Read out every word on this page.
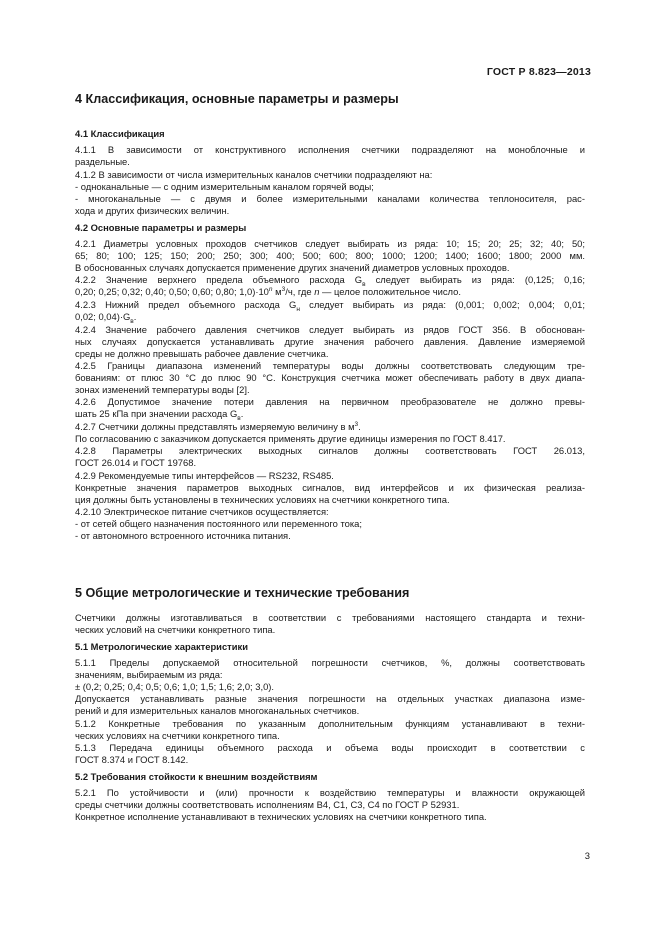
ГОСТ Р 8.823—2013
4 Классификация, основные параметры и размеры
4.1 Классификация
4.1.1 В зависимости от конструктивного исполнения счетчики подразделяют на моноблочные и
раздельные.
4.1.2 В зависимости от числа измерительных каналов счетчики подразделяют на:
- одноканальные — с одним измерительным каналом горячей воды;
- многоканальные — с двумя и более измерительными каналами количества теплоносителя, рас-
хода и других физических величин.
4.2 Основные параметры и размеры
4.2.1 Диаметры условных проходов счетчиков следует выбирать из ряда: 10; 15; 20; 25; 32; 40; 50;
65; 80; 100; 125; 150; 200; 250; 300; 400; 500; 600; 800; 1000; 1200; 1400; 1600; 1800; 2000 мм.
В обоснованных случаях допускается применение других значений диаметров условных проходов.
4.2.2 Значение верхнего предела объемного расхода $G_в$ следует выбирать из ряда: (0,125; 0,16;
0,20; 0,25; 0,32; 0,40; 0,50; 0,60; 0,80; $1,0)\cdot 10^n$ $м^3/ч$, где n — целое положительное число.
4.2.3 Нижний предел объемного расхода $G_н$ следует выбирать из ряда: (0,001; 0,002; 0,004; 0,01;
0,02; $0,04)\cdot G_в$.
4.2.4 Значение рабочего давления счетчиков следует выбирать из рядов ГОСТ 356. В обоснован-
ных случаях допускается устанавливать другие значения рабочего давления. Давление измеряемой
среды не должно превышать рабочее давление счетчика.
4.2.5 Границы диапазона изменений температуры воды должны соответствовать следующим тре-
бованиям: от плюс 30 °С до плюс 90 °С. Конструкция счетчика может обеспечивать работу в двух диапа-
зонах изменений температуры воды [2].
4.2.6 Допустимое значение потери давления на первичном преобразователе не должно превы-
шать 25 кПа при значении расхода $G_в$.
4.2.7 Счетчики должны представлять измеряемую величину в $м^3$.
По согласованию с заказчиком допускается применять другие единицы измерения по ГОСТ 8.417.
4.2.8 Параметры электрических выходных сигналов должны соответствовать ГОСТ 26.013,
ГОСТ 26.014 и ГОСТ 19768.
4.2.9 Рекомендуемые типы интерфейсов — RS232, RS485.
Конкретные значения параметров выходных сигналов, вид интерфейсов и их физическая реализа-
ция должны быть установлены в технических условиях на счетчики конкретного типа.
4.2.10 Электрическое питание счетчиков осуществляется:
- от сетей общего назначения постоянного или переменного тока;
- от автономного встроенного источника питания.
5 Общие метрологические и технические требования
Счетчики должны изготавливаться в соответствии с требованиями настоящего стандарта и техни-
ческих условий на счетчики конкретного типа.
5.1 Метрологические характеристики
5.1.1 Пределы допускаемой относительной погрешности счетчиков, %, должны соответствовать
значениям, выбираемым из ряда:
± (0,2; 0,25; 0,4; 0,5; 0,6; 1,0; 1,5; 1,6; 2,0; 3,0).
Допускается устанавливать разные значения погрешности на отдельных участках диапазона изме-
рений и для измерительных каналов многоканальных счетчиков.
5.1.2 Конкретные требования по указанным дополнительным функциям устанавливают в техни-
ческих условиях на счетчики конкретного типа.
5.1.3 Передача единицы объемного расхода и объема воды происходит в соответствии с
ГОСТ 8.374 и ГОСТ 8.142.
5.2 Требования стойкости к внешним воздействиям
5.2.1 По устойчивости и (или) прочности к воздействию температуры и влажности окружающей
среды счетчики должны соответствовать исполнениям В4, С1, С3, С4 по ГОСТ Р 52931.
Конкретное исполнение устанавливают в технических условиях на счетчики конкретного типа.
3
